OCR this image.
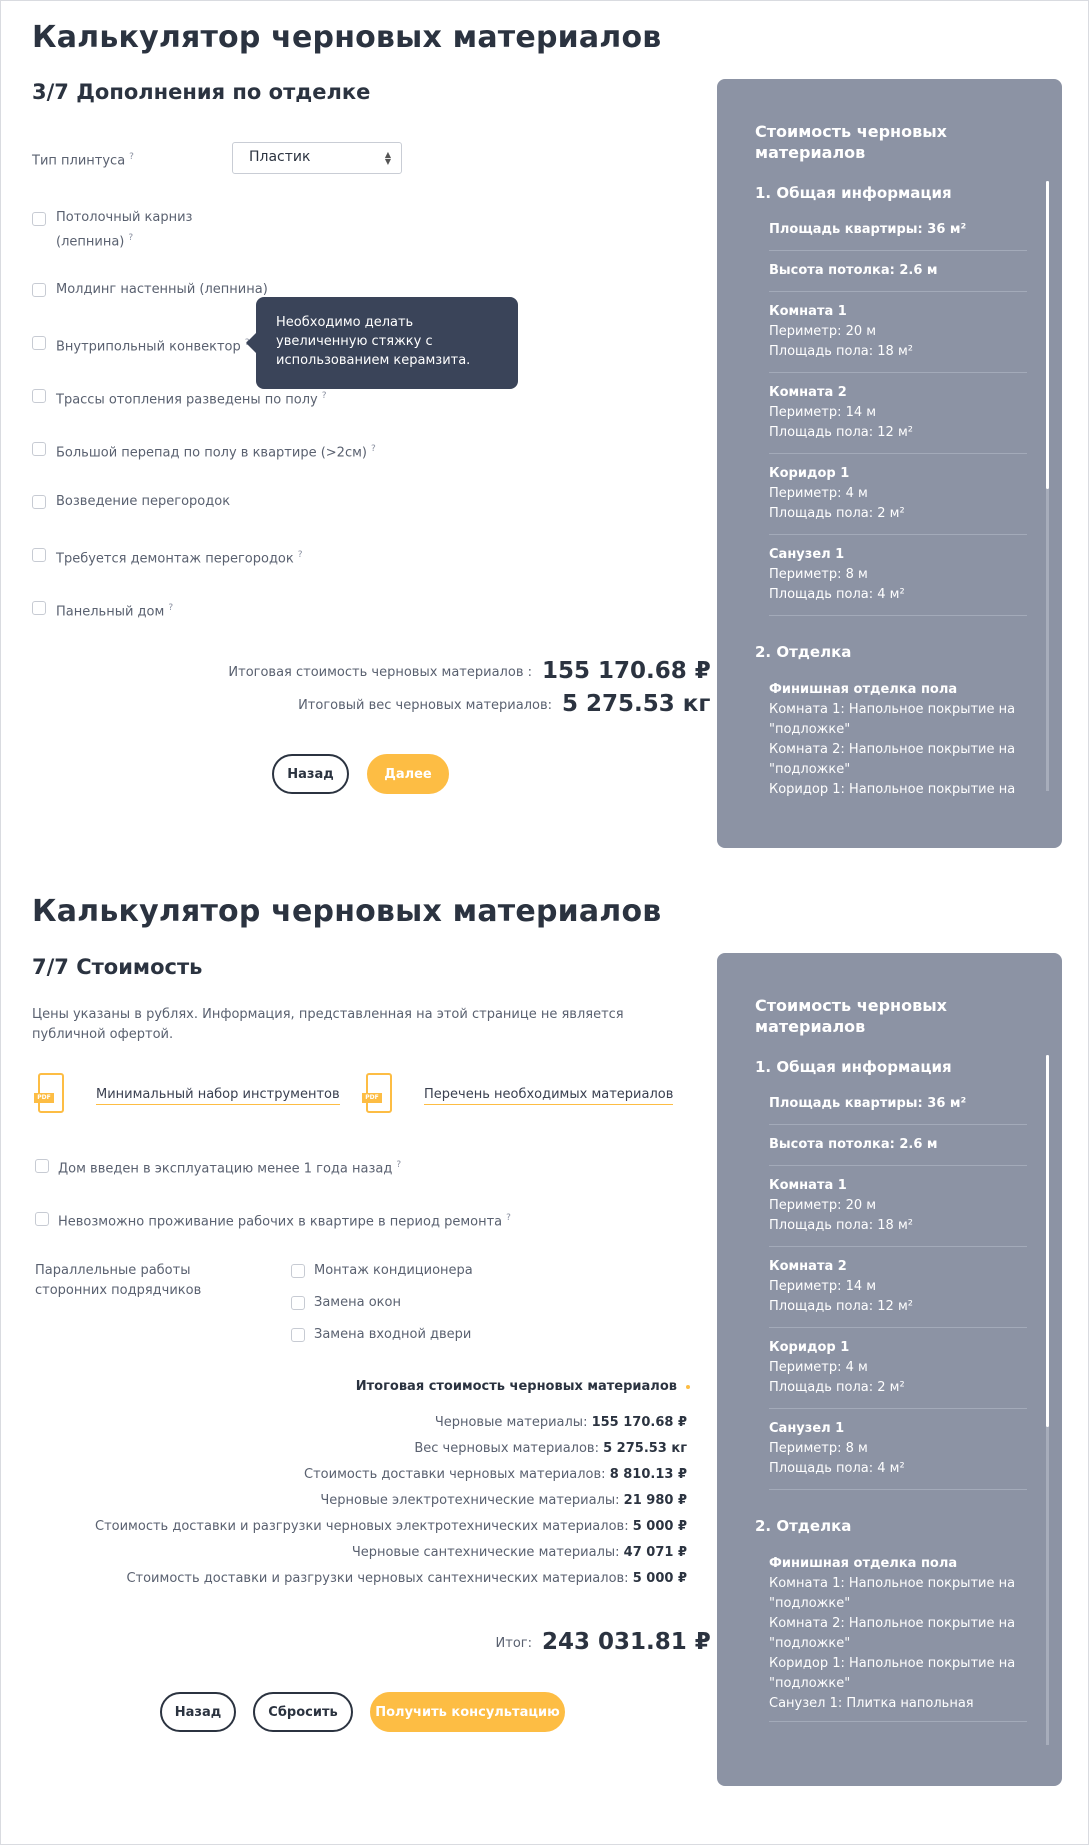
Калькулятор черновых материалов
3/7 Дополнения по отделке
Тип плинтуса ?	Пластик	▲
▼
Потолочный карниз (лепнина) ?
Молдинг настенный (лепнина)
Внутрипольный конвектор
Трассы отопления разведены по полу ?
Большой перепад по полу в квартире (>2см) ?
Возведение перегородок
Требуется демонтаж перегородок ?
Панельный дом ?
Необходимо делать увеличенную стяжку с использованием керамзита.
Итоговая стоимость черновых материалов : 155 170.68 ₽
Итоговый вес черновых материалов: 5 275.53 кг
Назад	Далее
Стоимость черновых материалов
1. Общая информация
Площадь квартиры: 36 м²
Высота потолка: 2.6 м
Комната 1
Периметр: 20 м
Площадь пола: 18 м²
Комната 2
Периметр: 14 м
Площадь пола: 12 м²
Коридор 1
Периметр: 4 м
Площадь пола: 2 м²
Санузел 1
Периметр: 8 м
Площадь пола: 4 м²
2. Отделка
Финишная отделка пола
Комната 1: Напольное покрытие на "подложке"
Комната 2: Напольное покрытие на "подложке"
Коридор 1: Напольное покрытие на
Калькулятор черновых материалов
7/7 Стоимость
Цены указаны в рублях. Информация, представленная на этой странице не является публичной офертой.
PDF	Минимальный набор инструментов	PDF	Перечень необходимых материалов
Дом введен в эксплуатацию менее 1 года назад ?
Невозможно проживание рабочих в квартире в период ремонта ?
Параллельные работы сторонних подрядчиков
Монтаж кондиционера
Замена окон
Замена входной двери
Итоговая стоимость черновых материалов
Черновые материалы: 155 170.68 ₽
Вес черновых материалов: 5 275.53 кг
Стоимость доставки черновых материалов: 8 810.13 ₽
Черновые электротехнические материалы: 21 980 ₽
Стоимость доставки и разгрузки черновых электротехнических материалов: 5 000 ₽
Черновые сантехнические материалы: 47 071 ₽
Стоимость доставки и разгрузки черновых сантехнических материалов: 5 000 ₽
Итог: 243 031.81 ₽
Назад	Сбросить	Получить консультацию
Стоимость черновых материалов
1. Общая информация
Площадь квартиры: 36 м²
Высота потолка: 2.6 м
Комната 1
Периметр: 20 м
Площадь пола: 18 м²
Комната 2
Периметр: 14 м
Площадь пола: 12 м²
Коридор 1
Периметр: 4 м
Площадь пола: 2 м²
Санузел 1
Периметр: 8 м
Площадь пола: 4 м²
2. Отделка
Финишная отделка пола
Комната 1: Напольное покрытие на "подложке"
Комната 2: Напольное покрытие на "подложке"
Коридор 1: Напольное покрытие на "подложке"
Санузел 1: Плитка напольная
